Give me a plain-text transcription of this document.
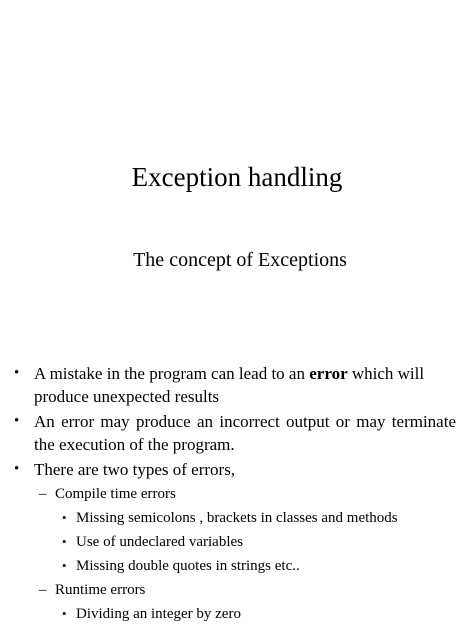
Exception handling
The concept of Exceptions
• A mistake in the program can lead to an error which will produce unexpected results
• An error may produce an incorrect output or may terminate the execution of the program.
• There are two types of errors,
– Compile time errors
• Missing semicolons , brackets in classes and methods
• Use of undeclared variables
• Missing double quotes in strings etc..
– Runtime errors
• Dividing an integer by zero
